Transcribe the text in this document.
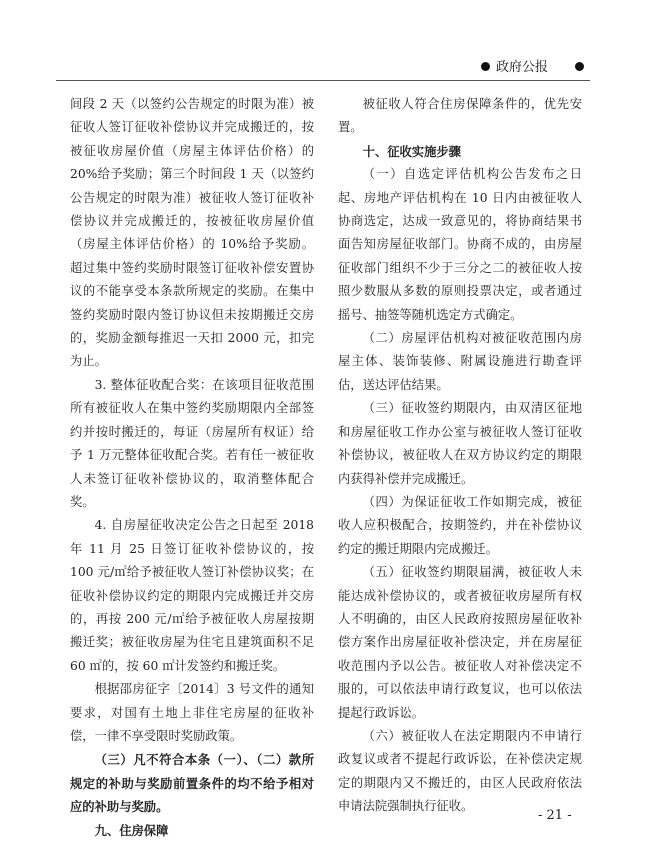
政府公报

间段 2 天（以签约公告规定的时限为准）被征收人签订征收补偿协议并完成搬迁的，按被征收房屋价值（房屋主体评估价格）的 20%给予奖励；第三个时间段 1 天（以签约公告规定的时限为准）被征收人签订征收补偿协议并完成搬迁的，按被征收房屋价值（房屋主体评估价格）的 10%给予奖励。 超过集中签约奖励时限签订征收补偿安置协议的不能享受本条款所规定的奖励。在集中签约奖励时限内签订协议但未按期搬迁交房的，奖励金额每推迟一天扣 2000 元，扣完为止。

3. 整体征收配合奖：在该项目征收范围所有被征收人在集中签约奖励期限内全部签约并按时搬迁的，每证（房屋所有权证）给予 1 万元整体征收配合奖。若有任一被征收人未签订征收补偿协议的，取消整体配合奖。

4. 自房屋征收决定公告之日起至 2018 年 11 月 25 日签订征收补偿协议的，按 100 元/㎡给予被征收人签订补偿协议奖；在征收补偿协议约定的期限内完成搬迁并交房的，再按 200 元/㎡给予被征收人房屋按期搬迁奖；被征收房屋为住宅且建筑面积不足 60 ㎡的，按 60 ㎡计发签约和搬迁奖。

根据邵房征字〔2014〕3 号文件的通知要求，对国有土地上非住宅房屋的征收补偿，一律不享受限时奖励政策。

（三）凡不符合本条（一）、（二）款所规定的补助与奖励前置条件的均不给予相对应的补助与奖励。

九、住房保障

被征收人符合住房保障条件的，优先安置。

十、征收实施步骤

（一）自选定评估机构公告发布之日起、房地产评估机构在 10 日内由被征收人协商选定，达成一致意见的，将协商结果书面告知房屋征收部门。协商不成的，由房屋征收部门组织不少于三分之二的被征收人按照少数服从多数的原则投票决定，或者通过摇号、抽签等随机选定方式确定。

（二）房屋评估机构对被征收范围内房屋主体、装饰装修、附属设施进行勘查评估，送达评估结果。

（三）征收签约期限内，由双清区征地和房屋征收工作办公室与被征收人签订征收补偿协议，被征收人在双方协议约定的期限内获得补偿并完成搬迁。

（四）为保证征收工作如期完成，被征收人应积极配合，按期签约，并在补偿协议约定的搬迁期限内完成搬迁。

（五）征收签约期限届满，被征收人未能达成补偿协议的，或者被征收房屋所有权人不明确的，由区人民政府按照房屋征收补偿方案作出房屋征收补偿决定，并在房屋征收范围内予以公告。被征收人对补偿决定不服的，可以依法申请行政复议，也可以依法提起行政诉讼。

（六）被征收人在法定期限内不申请行政复议或者不提起行政诉讼，在补偿决定规定的期限内又不搬迁的，由区人民政府依法申请法院强制执行征收。

- 21 -
